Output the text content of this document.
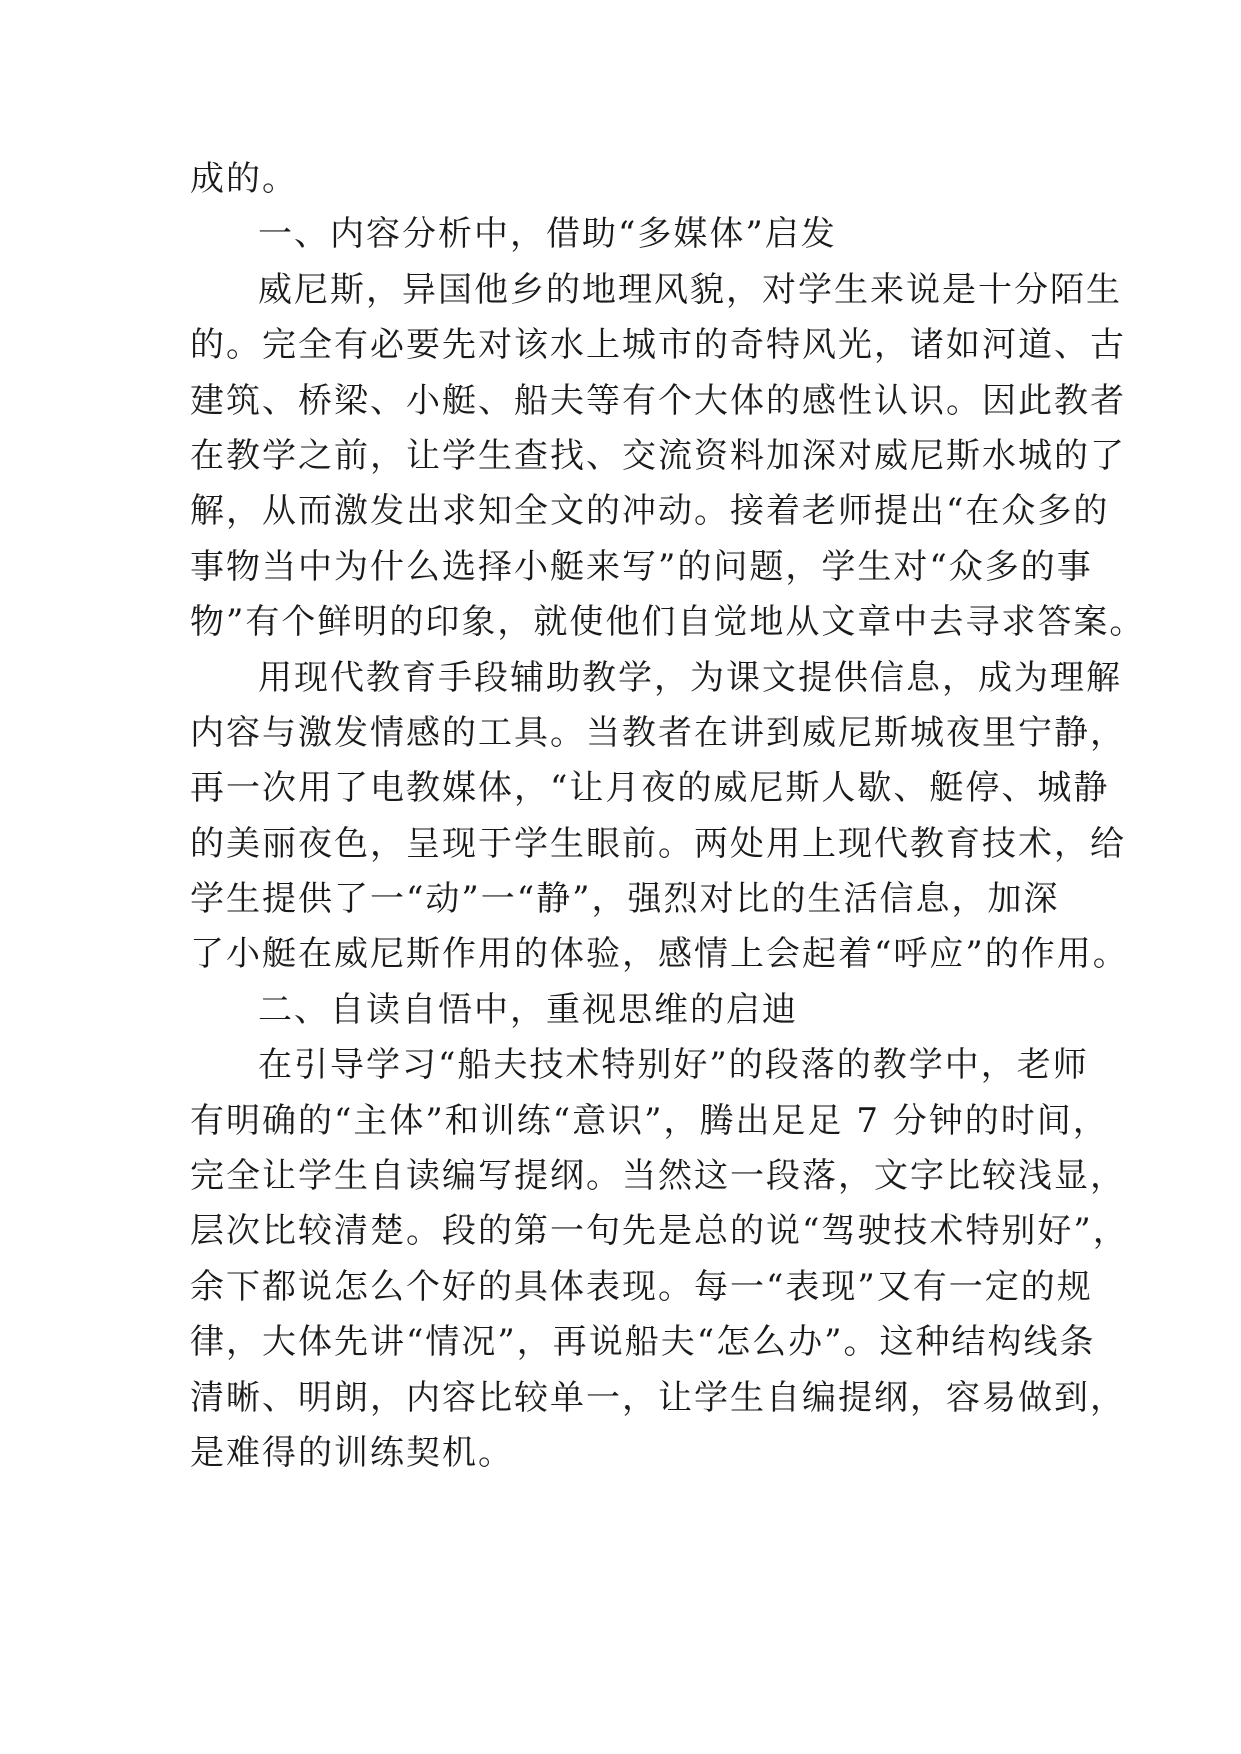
成的。
一、内容分析中，借助“多媒体”启发
威尼斯，异国他乡的地理风貌，对学生来说是十分陌生
的。完全有必要先对该水上城市的奇特风光，诸如河道、古
建筑、桥梁、小艇、船夫等有个大体的感性认识。因此教者
在教学之前，让学生查找、交流资料加深对威尼斯水城的了
解，从而激发出求知全文的冲动。接着老师提出“在众多的
事物当中为什么选择小艇来写”的问题，学生对“众多的事
物”有个鲜明的印象，就使他们自觉地从文章中去寻求答案。
用现代教育手段辅助教学，为课文提供信息，成为理解
内容与激发情感的工具。当教者在讲到威尼斯城夜里宁静，
再一次用了电教媒体，“让月夜的威尼斯人歇、艇停、城静
的美丽夜色，呈现于学生眼前。两处用上现代教育技术，给
学生提供了一“动”一“静”，强烈对比的生活信息，加深
了小艇在威尼斯作用的体验，感情上会起着“呼应”的作用。
二、自读自悟中，重视思维的启迪
在引导学习“船夫技术特别好”的段落的教学中，老师
有明确的“主体”和训练“意识”，腾出足足 7 分钟的时间，
完全让学生自读编写提纲。当然这一段落，文字比较浅显，
层次比较清楚。段的第一句先是总的说“驾驶技术特别好”，
余下都说怎么个好的具体表现。每一“表现”又有一定的规
律，大体先讲“情况”，再说船夫“怎么办”。这种结构线条
清晰、明朗，内容比较单一，让学生自编提纲，容易做到，
是难得的训练契机。
